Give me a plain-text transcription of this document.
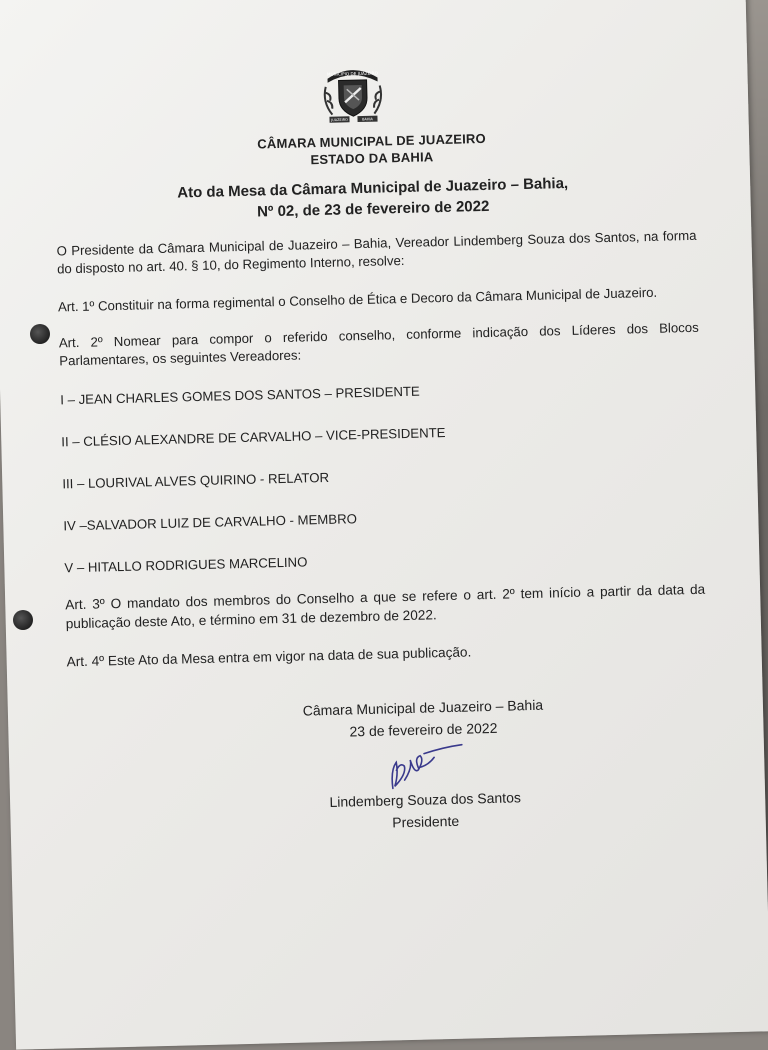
MUNICÍPIO DE JUAZEIRO
JUAZEIRO	BAHIA
CÂMARA MUNICIPAL DE JUAZEIRO
ESTADO DA BAHIA
Ato da Mesa da Câmara Municipal de Juazeiro – Bahia,
Nº 02, de 23 de fevereiro de 2022
O Presidente da Câmara Municipal de Juazeiro – Bahia, Vereador Lindemberg Souza dos Santos, na forma
do disposto no art. 40. § 10, do Regimento Interno, resolve:
Art. 1º Constituir na forma regimental o Conselho de Ética e Decoro da Câmara Municipal de Juazeiro.
Art. 2º Nomear para compor o referido conselho, conforme indicação dos Líderes dos Blocos
Parlamentares, os seguintes Vereadores:
I – JEAN CHARLES GOMES DOS SANTOS – PRESIDENTE
II – CLÉSIO ALEXANDRE DE CARVALHO – VICE-PRESIDENTE
III – LOURIVAL ALVES QUIRINO - RELATOR
IV –SALVADOR LUIZ DE CARVALHO - MEMBRO
V – HITALLO RODRIGUES MARCELINO
Art. 3º O mandato dos membros do Conselho a que se refere o art. 2º tem início a partir da data da
publicação deste Ato, e término em 31 de dezembro de 2022.
Art. 4º Este Ato da Mesa entra em vigor na data de sua publicação.
Câmara Municipal de Juazeiro – Bahia
23 de fevereiro de 2022
Lindemberg Souza dos Santos
Presidente
